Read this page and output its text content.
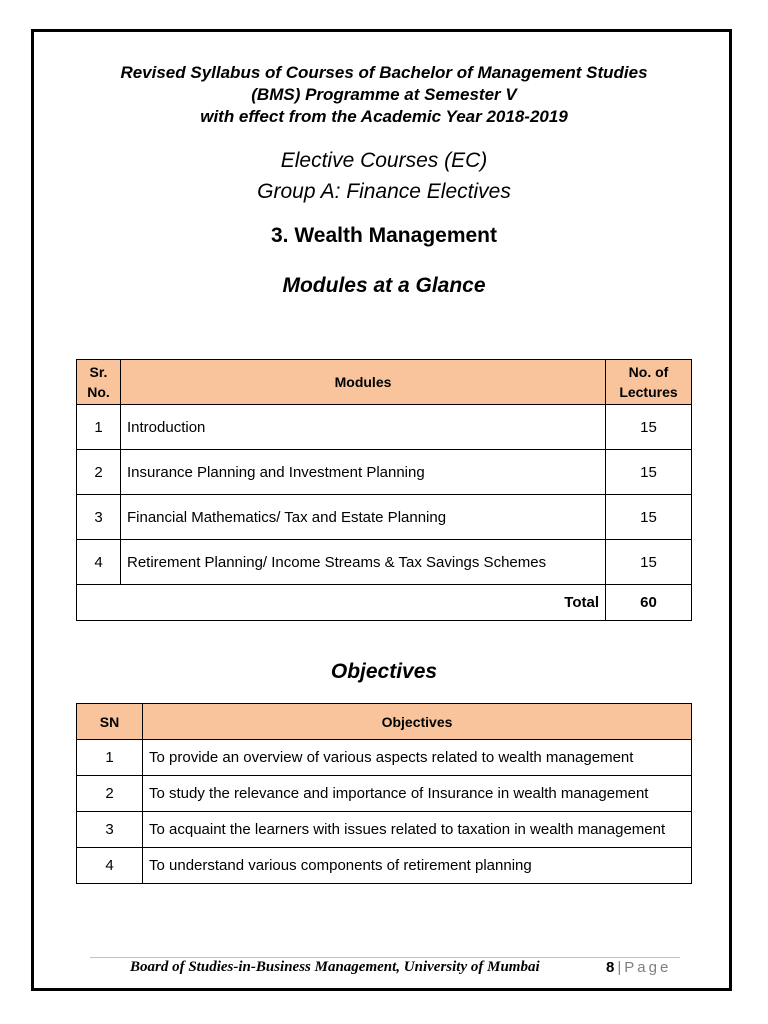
Revised Syllabus of Courses of Bachelor of Management Studies
(BMS) Programme at Semester V
with effect from the Academic Year 2018-2019
Elective Courses (EC)
Group A: Finance Electives
3. Wealth Management
Modules at a Glance
Sr. No.	Modules	No. of Lectures
1	Introduction	15
2	Insurance Planning and Investment Planning	15
3	Financial Mathematics/ Tax and Estate Planning	15
4	Retirement Planning/ Income Streams & Tax Savings Schemes	15
Total		60
Objectives
SN	Objectives
1	To provide an overview of various aspects related to wealth management
2	To study the relevance and importance of Insurance in wealth management
3	To acquaint the learners with issues related to taxation in wealth management
4	To understand various components of retirement planning
Board of Studies-in-Business Management, University of Mumbai	8 | Page
